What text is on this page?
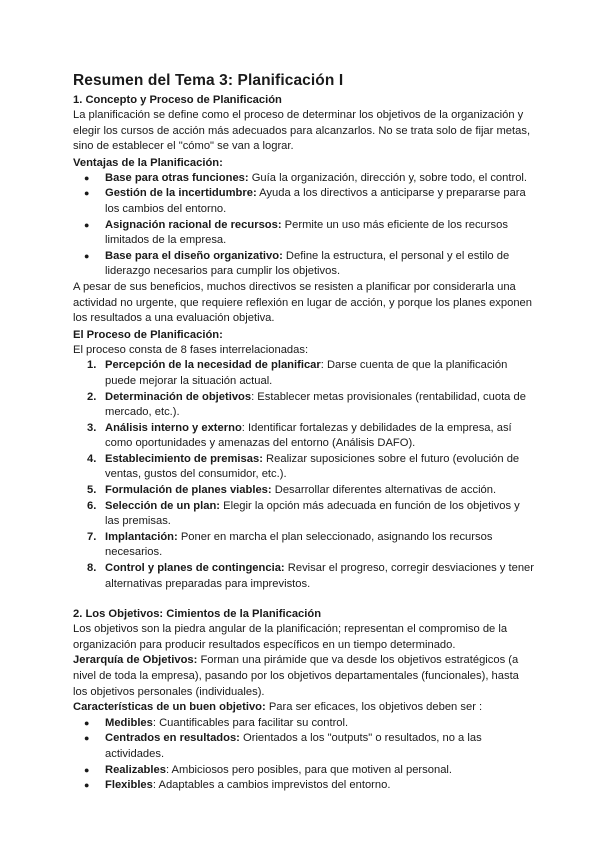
Resumen del Tema 3: Planificación I
1. Concepto y Proceso de Planificación

La planificación se define como el proceso de determinar los objetivos de la organización y elegir los cursos de acción más adecuados para alcanzarlos. No se trata solo de fijar metas, sino de establecer el "cómo" se van a lograr.

Ventajas de la Planificación:
● Base para otras funciones: Guía la organización, dirección y, sobre todo, el control.
● Gestión de la incertidumbre: Ayuda a los directivos a anticiparse y prepararse para los cambios del entorno.
● Asignación racional de recursos: Permite un uso más eficiente de los recursos limitados de la empresa.
● Base para el diseño organizativo: Define la estructura, el personal y el estilo de liderazgo necesarios para cumplir los objetivos.

A pesar de sus beneficios, muchos directivos se resisten a planificar por considerarla una actividad no urgente, que requiere reflexión en lugar de acción, y porque los planes exponen los resultados a una evaluación objetiva.

El Proceso de Planificación:

El proceso consta de 8 fases interrelacionadas:

1. Percepción de la necesidad de planificar: Darse cuenta de que la planificación puede mejorar la situación actual.
2. Determinación de objetivos: Establecer metas provisionales (rentabilidad, cuota de mercado, etc.).
3. Análisis interno y externo: Identificar fortalezas y debilidades de la empresa, así como oportunidades y amenazas del entorno (Análisis DAFO).
4. Establecimiento de premisas: Realizar suposiciones sobre el futuro (evolución de ventas, gustos del consumidor, etc.).
5. Formulación de planes viables: Desarrollar diferentes alternativas de acción.
6. Selección de un plan: Elegir la opción más adecuada en función de los objetivos y las premisas.
7. Implantación: Poner en marcha el plan seleccionado, asignando los recursos necesarios.
8. Control y planes de contingencia: Revisar el progreso, corregir desviaciones y tener alternativas preparadas para imprevistos.
2. Los Objetivos: Cimientos de la Planificación

Los objetivos son la piedra angular de la planificación; representan el compromiso de la organización para producir resultados específicos en un tiempo determinado.

Jerarquía de Objetivos: Forman una pirámide que va desde los objetivos estratégicos (a nivel de toda la empresa), pasando por los objetivos departamentales (funcionales), hasta los objetivos personales (individuales).

Características de un buen objetivo: Para ser eficaces, los objetivos deben ser :

● Medibles: Cuantificables para facilitar su control.
● Centrados en resultados: Orientados a los "outputs" o resultados, no a las actividades.
● Realizables: Ambiciosos pero posibles, para que motiven al personal.
● Flexibles: Adaptables a cambios imprevistos del entorno.
